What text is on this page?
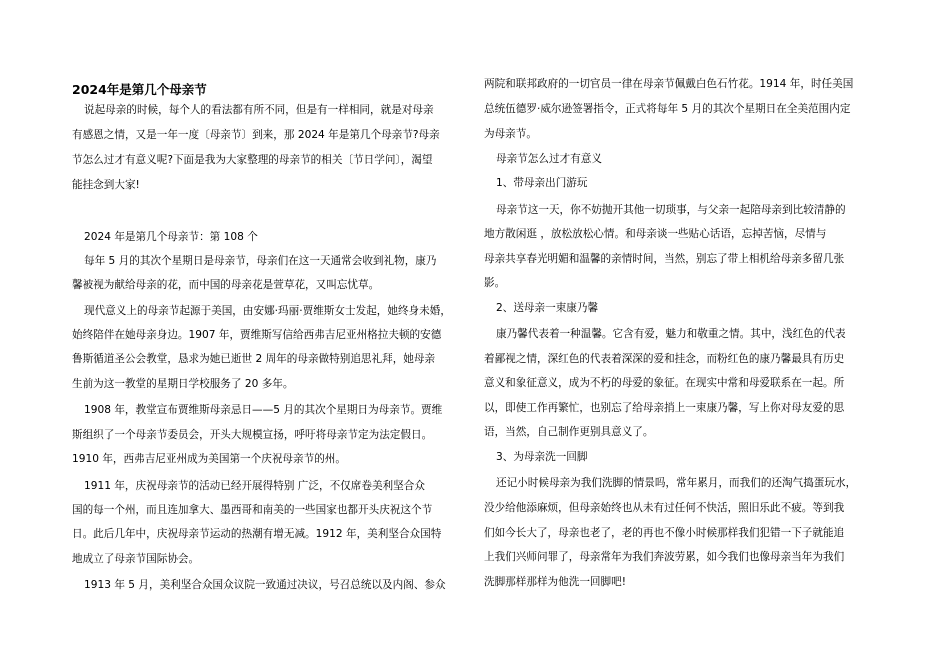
2024年是第几个母亲节
说起母亲的时候，每个人的看法都有所不同，但是有一样相同，就是对母亲
有感恩之情，又是一年一度〔母亲节〕到来，那 2024 年是第几个母亲节?母亲
节怎么过才有意义呢?下面是我为大家整理的母亲节的相关〔节日学问〕，渴望
能挂念到大家!
2024 年是第几个母亲节：第 108 个
每年 5 月的其次个星期日是母亲节，母亲们在这一天通常会收到礼物，康乃
馨被视为献给母亲的花，而中国的母亲花是萱草花，又叫忘忧草。
现代意义上的母亲节起源于美国，由安娜·玛丽·贾维斯女士发起，她终身未婚，
始终陪伴在她母亲身边。1907 年，贾维斯写信给西弗吉尼亚州格拉夫顿的安德
鲁斯循道圣公会教堂，恳求为她已逝世 2 周年的母亲做特别追思礼拜，她母亲
生前为这一教堂的星期日学校服务了 20 多年。
1908 年，教堂宣布贾维斯母亲忌日——5 月的其次个星期日为母亲节。贾维
斯组织了一个母亲节委员会，开头大规模宣扬，呼吁将母亲节定为法定假日。
1910 年，西弗吉尼亚州成为美国第一个庆祝母亲节的州。
1911 年，庆祝母亲节的活动已经开展得特别 广泛，不仅席卷美利坚合众
国的每一个州，而且连加拿大、墨西哥和南美的一些国家也都开头庆祝这个节
日。此后几年中，庆祝母亲节运动的热潮有增无减。1912 年，美利坚合众国特
地成立了母亲节国际协会。
1913 年 5 月，美利坚合众国众议院一致通过决议，号召总统以及内阁、参众
两院和联邦政府的一切官员一律在母亲节佩戴白色石竹花。1914 年，时任美国
总统伍德罗·威尔逊签署指令，正式将每年 5 月的其次个星期日在全美范围内定
为母亲节。
母亲节怎么过才有意义
1、带母亲出门游玩
母亲节这一天，你不妨抛开其他一切琐事，与父亲一起陪母亲到比较清静的
地方散闲逛 ，放松放松心情。和母亲谈一些贴心话语，忘掉苦恼，尽情与
母亲共享春光明媚和温馨的亲情时间，当然，别忘了带上相机给母亲多留几张
影。
2、送母亲一束康乃馨
康乃馨代表着一种温馨。它含有爱，魅力和敬重之情。其中，浅红色的代表
着鄙视之情，深红色的代表着深深的爱和挂念，而粉红色的康乃馨最具有历史
意义和象征意义，成为不朽的母爱的象征。在现实中常和母爱联系在一起。所
以，即使工作再繁忙，也别忘了给母亲捎上一束康乃馨，写上你对母友爱的思
语，当然，自己制作更别具意义了。
3、为母亲洗一回脚
还记小时候母亲为我们洗脚的情景吗，常年累月，而我们的还淘气捣蛋玩水，
没少给他添麻烦，但母亲始终也从未有过任何不快活，照旧乐此不疲。等到我
们如今长大了，母亲也老了，老的再也不像小时候那样我们犯错一下子就能追
上我们兴师问罪了，母亲常年为我们奔波劳累，如今我们也像母亲当年为我们
洗脚那样那样为他洗一回脚吧!
